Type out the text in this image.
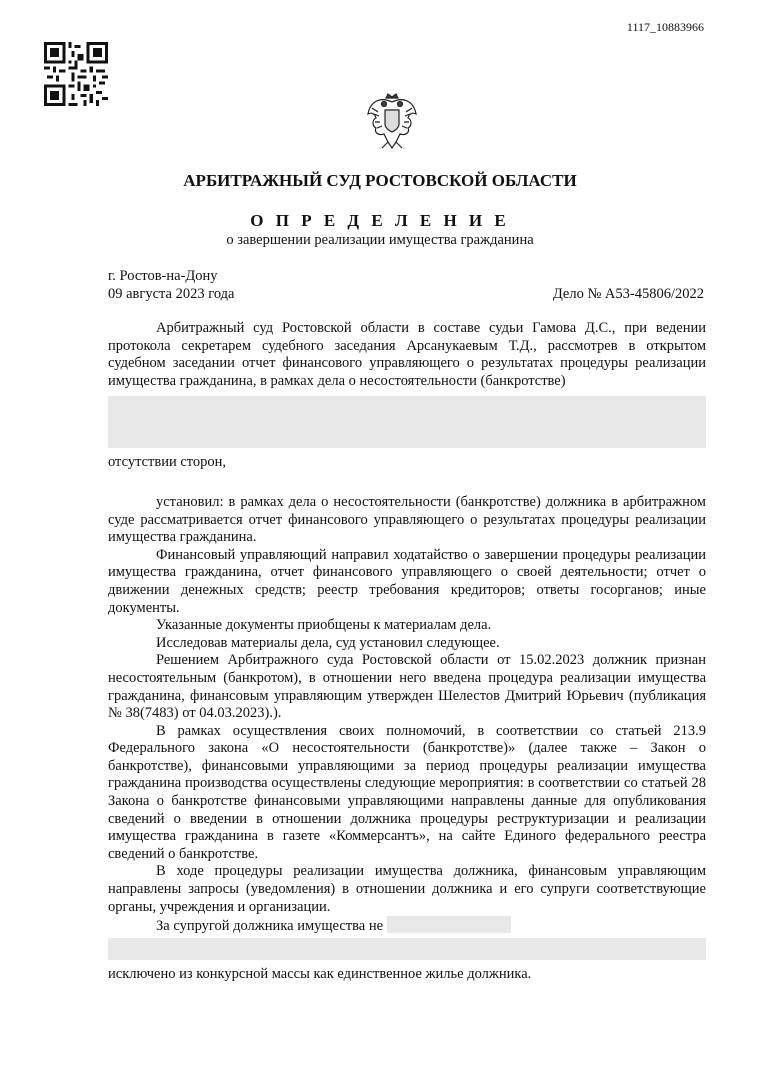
1117_10883966
АРБИТРАЖНЫЙ СУД РОСТОВСКОЙ ОБЛАСТИ
О П Р Е Д Е Л Е Н И Е
о завершении реализации имущества гражданина
г. Ростов-на-Дону
09 августа 2023 года	Дело № А53-45806/2022

Арбитражный суд Ростовской области в составе судьи Гамова Д.С., при ведении протокола секретарем судебного заседания Арсанукаевым Т.Д., рассмотрев в открытом судебном заседании отчет финансового управляющего о результатах процедуры реализации имущества гражданина, в рамках дела о несостоятельности (банкротстве)

отсутствии сторон,

установил: в рамках дела о несостоятельности (банкротстве) должника в арбитражном суде рассматривается отчет финансового управляющего о результатах процедуры реализации имущества гражданина.

Финансовый управляющий направил ходатайство о завершении процедуры реализации имущества гражданина, отчет финансового управляющего о своей деятельности; отчет о движении денежных средств; реестр требования кредиторов; ответы госорганов; иные документы.

Указанные документы приобщены к материалам дела.

Исследовав материалы дела, суд установил следующее.

Решением Арбитражного суда Ростовской области от 15.02.2023 должник признан несостоятельным (банкротом), в отношении него введена процедура реализации имущества гражданина, финансовым управляющим утвержден Шелестов Дмитрий Юрьевич (публикация № 38(7483) от 04.03.2023).).

В рамках осуществления своих полномочий, в соответствии со статьей 213.9 Федерального закона «О несостоятельности (банкротстве)» (далее также – Закон о банкротстве), финансовыми управляющими за период процедуры реализации имущества гражданина производства осуществлены следующие мероприятия: в соответствии со статьей 28 Закона о банкротстве финансовыми управляющими направлены данные для опубликования сведений о введении в отношении должника процедуры реструктуризации и реализации имущества гражданина в газете «Коммерсантъ», на сайте Единого федерального реестра сведений о банкротстве.

В ходе процедуры реализации имущества должника, финансовым управляющим направлены запросы (уведомления) в отношении должника и его супруги соответствующие органы, учреждения и организации.

За супругой должника имущества не

исключено из конкурсной массы как единственное жилье должника.
